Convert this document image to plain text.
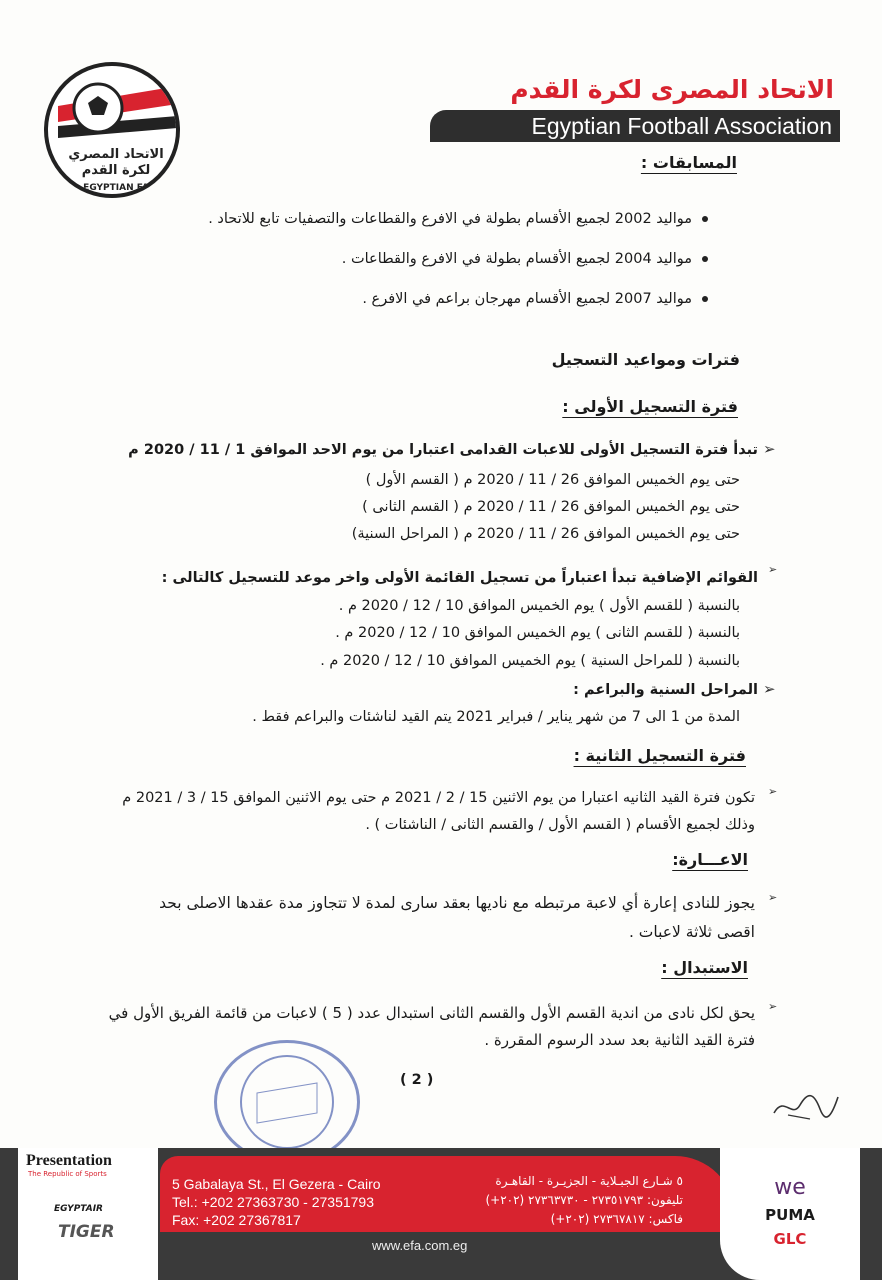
الاتحاد المصري
لكرة القدم
EGYPTIAN FA
الاتحاد المصرى لكرة القدم
Egyptian Football Association
المسابقات :
مواليد 2002 لجميع الأقسام بطولة في الافرع والقطاعات والتصفيات تابع للاتحاد .
مواليد 2004 لجميع الأقسام بطولة في الافرع والقطاعات .
مواليد 2007 لجميع الأقسام مهرجان براعم في الافرع .
فترات ومواعيد التسجيل
فترة التسجيل الأولى :
➢
تبدأ فترة التسجيل الأولى للاعبات القدامى اعتبارا من يوم الاحد الموافق 1 / 11 / 2020 م
حتى يوم الخميس الموافق 26 / 11 / 2020 م ( القسم الأول )
حتى يوم الخميس الموافق 26 / 11 / 2020 م ( القسم الثانى )
حتى يوم الخميس الموافق 26 / 11 / 2020 م ( المراحل السنية)
➢
القوائم الإضافية تبدأ اعتباراً من تسجيل القائمة الأولى واخر موعد للتسجيل كالتالى :
بالنسبة ( للقسم الأول ) يوم الخميس الموافق 10 / 12 / 2020 م .
بالنسبة ( للقسم الثانى ) يوم الخميس الموافق 10 / 12 / 2020 م .
بالنسبة ( للمراحل السنية ) يوم الخميس الموافق 10 / 12 / 2020 م .
➢
المراحل السنية والبراعم :
المدة من 1 الى 7 من شهر يناير / فبراير 2021 يتم القيد لناشئات والبراعم فقط .
فترة التسجيل الثانية :
➢
تكون فترة القيد الثانيه اعتبارا من يوم الاثنين 15 / 2 / 2021 م حتى يوم الاثنين الموافق 15 / 3 / 2021 م
وذلك لجميع الأقسام ( القسم الأول / والقسم الثانى / الناشئات ) .
الاعـــارة:
➢
يجوز للنادى إعارة أي لاعبة مرتبطه مع ناديها بعقد سارى لمدة لا تتجاوز مدة عقدها الاصلى بحد
اقصى ثلاثة لاعبات .
الاستبدال :
➢
يحق لكل نادى من اندية القسم الأول والقسم الثانى استبدال عدد ( 5 ) لاعبات من قائمة الفريق الأول في
فترة القيد الثانية بعد سدد الرسوم المقررة .
( 2 )
Presentation
The Republic of Sports
EGYPTAIR
TIGER
5 Gabalaya St., El Gezera - Cairo
Tel.: +202 27363730 - 27351793
Fax: +202 27367817
٥ شـارع الجبـلاية - الجزيـرة - القاهـرة
تليفون: ٢٧٣٥١٧٩٣ - ٢٧٣٦٣٧٣٠ (٢٠٢+)
فاكس: ٢٧٣٦٧٨١٧ (٢٠٢+)
www.efa.com.eg
we
PUMA
GLC
